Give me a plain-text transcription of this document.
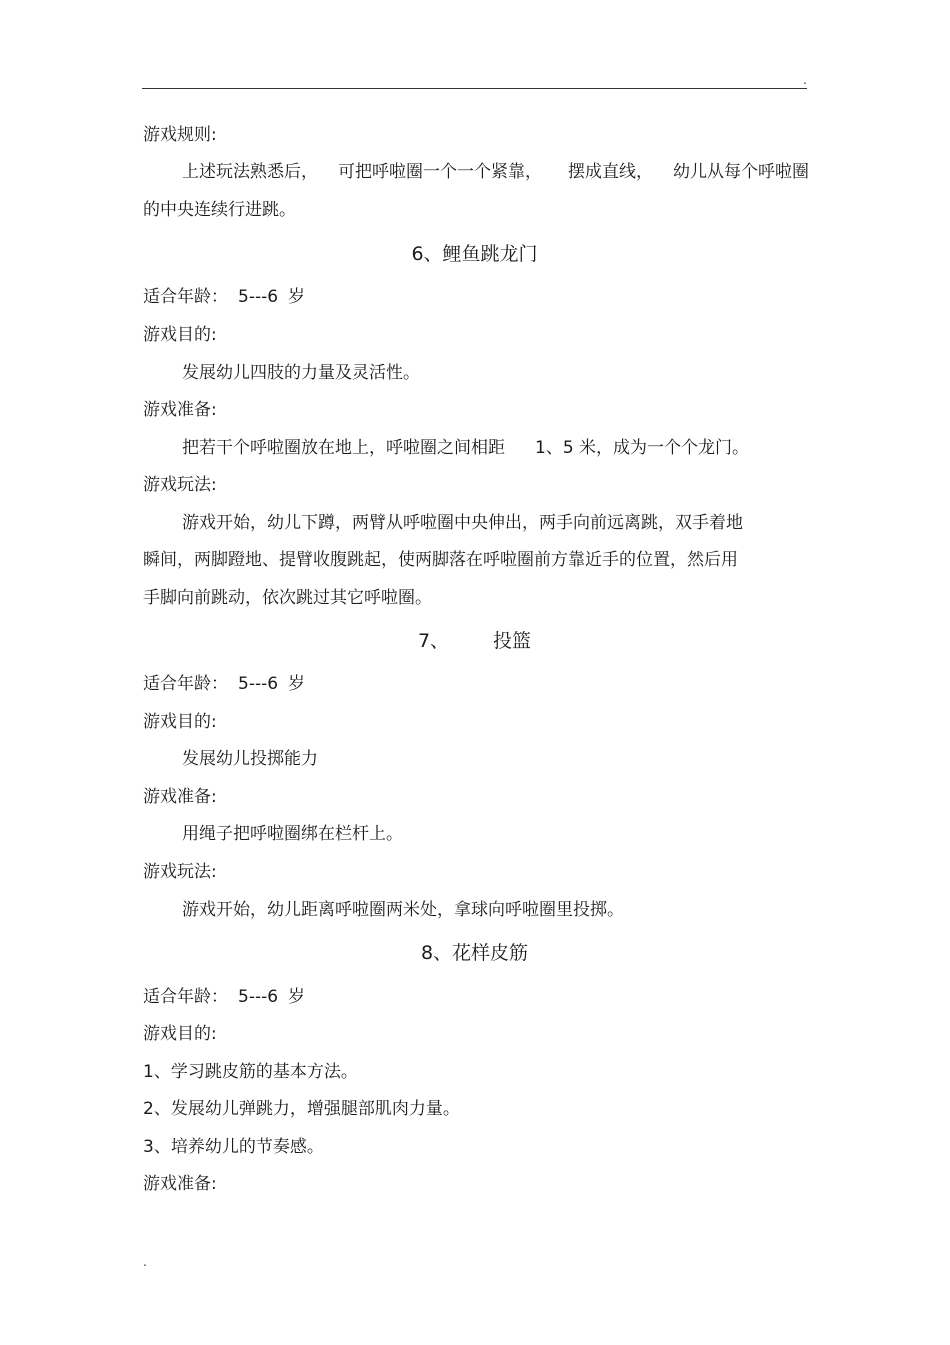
.
游戏规则:
上述玩法熟悉后， 可把呼啦圈一个一个紧靠， 摆成直线， 幼儿从每个呼啦圈
的中央连续行进跳。
6、鲤鱼跳龙门
适合年龄： 5---6 岁
游戏目的:
发展幼儿四肢的力量及灵活性。
游戏准备:
把若干个呼啦圈放在地上，呼啦圈之间相距 1、5 米，成为一个个龙门。
游戏玩法:
游戏开始，幼儿下蹲，两臂从呼啦圈中央伸出，两手向前远离跳，双手着地
瞬间，两脚蹬地、提臂收腹跳起，使两脚落在呼啦圈前方靠近手的位置，然后用
手脚向前跳动，依次跳过其它呼啦圈。
7、 投篮
适合年龄： 5---6 岁
游戏目的:
发展幼儿投掷能力
游戏准备:
用绳子把呼啦圈绑在栏杆上。
游戏玩法:
游戏开始，幼儿距离呼啦圈两米处，拿球向呼啦圈里投掷。
8、花样皮筋
适合年龄： 5---6 岁
游戏目的:
1、学习跳皮筋的基本方法。
2、发展幼儿弹跳力，增强腿部肌肉力量。
3、培养幼儿的节奏感。
游戏准备:
.
